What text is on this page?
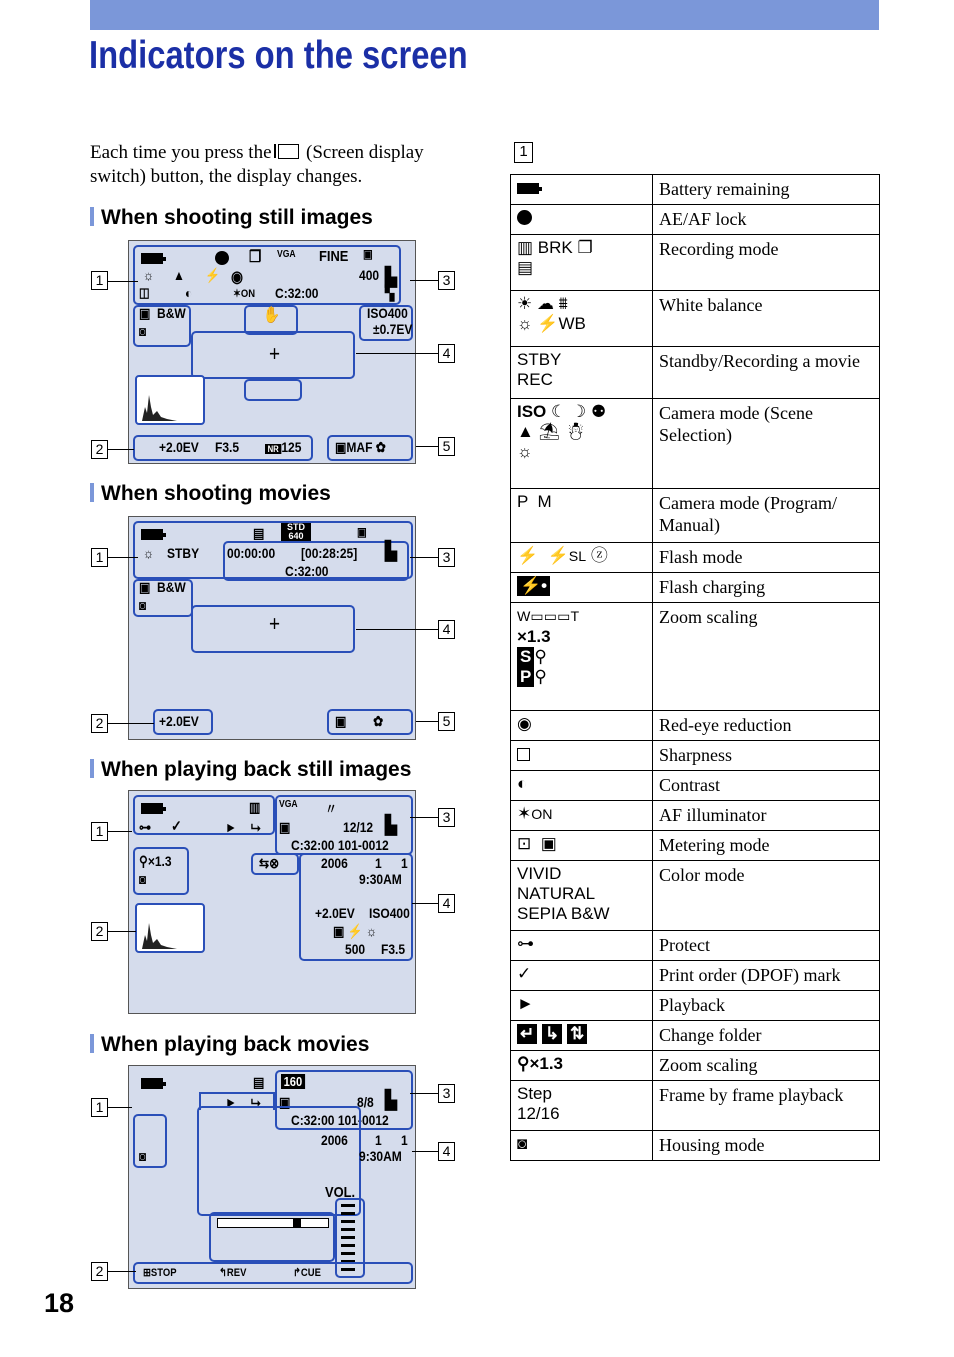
Indicators on the screen
Each time you press the (Screen display switch) button, the display changes.
When shooting still images
❐ VGA FINE ▣
400
☼ ▲ ⚡ ◉	▙
◫	◐	✶ON C:32:00	▚
▣ B&W
◙
ISO400
±0.7EV
✋
+
+2.0EV F3.5	NR 125 ▣MAF ✿
1
2
3
4
5
When shooting movies
▤	STD
640	▣
☼ STBY 00:00:00 [00:28:25] ▙
C:32:00
▣ B&W
◙
+
+2.0EV	▣        ✿
1
2
3
4
5
When playing back still images
▥
⊶ ✓	► ⮡
VGA 〃
▣	12/12 ▙
C:32:00 101-0012
⚲×1.3
◙
⇆⊗	2006 1 1
9:30AM
+2.0EV ISO400
▣ ⚡ ☼
500 F3.5
1
2
3
4
When playing back movies
▤ 160
► ⮡ ▣	8/8 ▙
C:32:00 101-0012
◙
2006 1 1
9:30AM
VOL.
⊞STOP	↰REV	↱CUE
1
2
3
4
1
	Battery remaining
	AE/AF lock
▥ BRK ❐
▤	Recording mode
☀ ☁ ⩩
☼ ⚡WB	White balance
STBY
REC	Standby/Recording a movie
ISO ☾ ☽ ⚉
▲ ⛱ ☃
☼	Camera mode (Scene Selection)
P  M	Camera mode (Program/ Manual)
⚡  ⚡SL ⓩ	Flash mode
⚡•	Flash charging
W▭▭▭T
×1.3
S ⚲
P ⚲	Zoom scaling
◉	Red-eye reduction
	Sharpness
◐	Contrast
✶ON	AF illuminator
⊡  ▣	Metering mode
VIVID
NATURAL
SEPIA B&W	Color mode
⊶	Protect
✓	Print order (DPOF) mark
►	Playback
↵ ↳ ⇅	Change folder
⚲×1.3	Zoom scaling
Step
12/16	Frame by frame playback
◙	Housing mode
18
